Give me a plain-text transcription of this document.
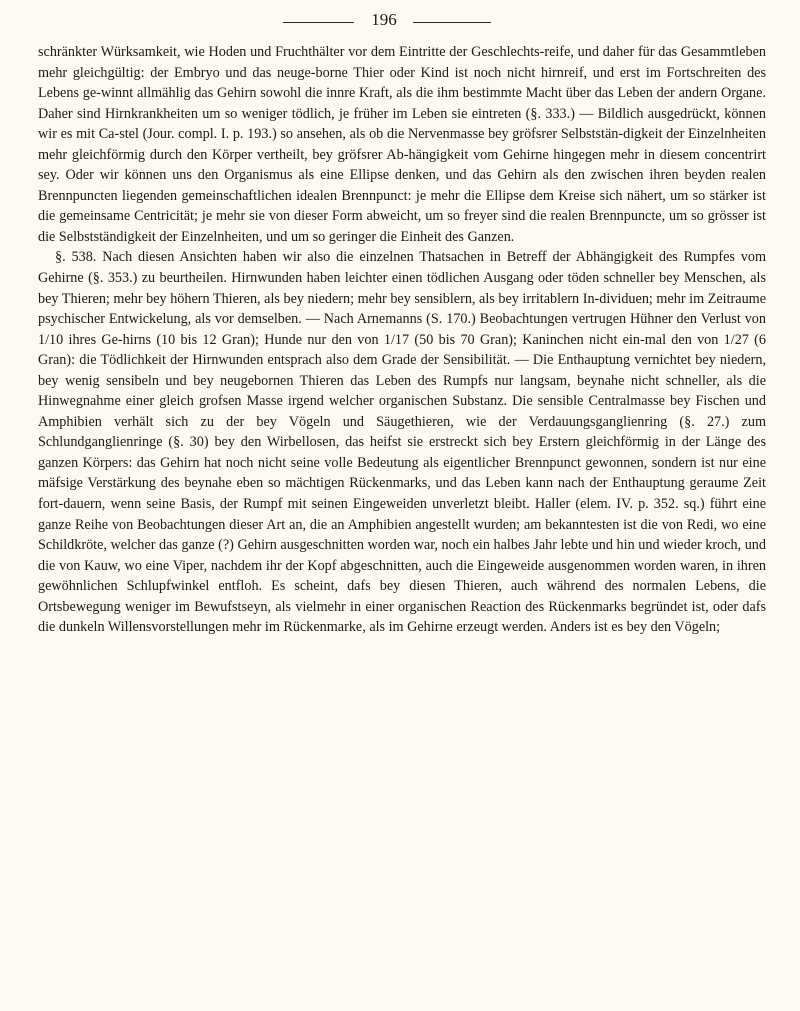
196

schränkter Würksamkeit, wie Hoden und Fruchthälter vor dem Eintritte der Geschlechts-reife, und daher für das Gesammtleben mehr gleichgültig: der Embryo und das neuge-borne Thier oder Kind ist noch nicht hirnreif, und erst im Fortschreiten des Lebens ge-winnt allmählig das Gehirn sowohl die innre Kraft, als die ihm bestimmte Macht über das Leben der andern Organe. Daher sind Hirnkrankheiten um so weniger tödlich, je früher im Leben sie eintreten (§. 333.) — Bildlich ausgedrückt, können wir es mit Ca-stel (Jour. compl. I. p. 193.) so ansehen, als ob die Nervenmasse bey gröfsrer Selbststän-digkeit der Einzelnheiten mehr gleichförmig durch den Körper vertheilt, bey gröfsrer Ab-hängigkeit vom Gehirne hingegen mehr in diesem concentrirt sey. Oder wir können uns den Organismus als eine Ellipse denken, und das Gehirn als den zwischen ihren beyden realen Brennpuncten liegenden gemeinschaftlichen idealen Brennpunct: je mehr die Ellipse dem Kreise sich nähert, um so stärker ist die gemeinsame Centricität; je mehr sie von dieser Form abweicht, um so freyer sind die realen Brennpuncte, um so grösser ist die Selbstständigkeit der Einzelnheiten, und um so geringer die Einheit des Ganzen.

§. 538. Nach diesen Ansichten haben wir also die einzelnen Thatsachen in Betreff der Abhängigkeit des Rumpfes vom Gehirne (§. 353.) zu beurtheilen. Hirnwunden haben leichter einen tödlichen Ausgang oder töden schneller bey Menschen, als bey Thieren; mehr bey höhern Thieren, als bey niedern; mehr bey sensiblern, als bey irritablern In-dividuen; mehr im Zeitraume psychischer Entwickelung, als vor demselben. — Nach Arnemanns (S. 170.) Beobachtungen vertrugen Hühner den Verlust von 1/10 ihres Ge-hirns (10 bis 12 Gran); Hunde nur den von 1/17 (50 bis 70 Gran); Kaninchen nicht ein-mal den von 1/27 (6 Gran): die Tödlichkeit der Hirnwunden entsprach also dem Grade der Sensibilität. — Die Enthauptung vernichtet bey niedern, bey wenig sensibeln und bey neugebornen Thieren das Leben des Rumpfs nur langsam, beynahe nicht schneller, als die Hinwegnahme einer gleich grofsen Masse irgend welcher organischen Substanz. Die sensible Centralmasse bey Fischen und Amphibien verhält sich zu der bey Vögeln und Säugethieren, wie der Verdauungsganglienring (§. 27.) zum Schlundganglienringe (§. 30) bey den Wirbellosen, das heifst sie erstreckt sich bey Erstern gleichförmig in der Länge des ganzen Körpers: das Gehirn hat noch nicht seine volle Bedeutung als eigentlicher Brennpunct gewonnen, sondern ist nur eine mäfsige Verstärkung des beynahe eben so mächtigen Rückenmarks, und das Leben kann nach der Enthauptung geraume Zeit fort-dauern, wenn seine Basis, der Rumpf mit seinen Eingeweiden unverletzt bleibt. Haller (elem. IV. p. 352. sq.) führt eine ganze Reihe von Beobachtungen dieser Art an, die an Amphibien angestellt wurden; am bekanntesten ist die von Redi, wo eine Schildkröte, welcher das ganze (?) Gehirn ausgeschnitten worden war, noch ein halbes Jahr lebte und hin und wieder kroch, und die von Kauw, wo eine Viper, nachdem ihr der Kopf abgeschnitten, auch die Eingeweide ausgenommen worden waren, in ihren gewöhnlichen Schlupfwinkel entfloh. Es scheint, dafs bey diesen Thieren, auch während des normalen Lebens, die Ortsbewegung weniger im Bewufstseyn, als vielmehr in einer organischen Reaction des Rückenmarks begründet ist, oder dafs die dunkeln Willensvorstellungen mehr im Rückenmarke, als im Gehirne erzeugt werden. Anders ist es bey den Vögeln;
